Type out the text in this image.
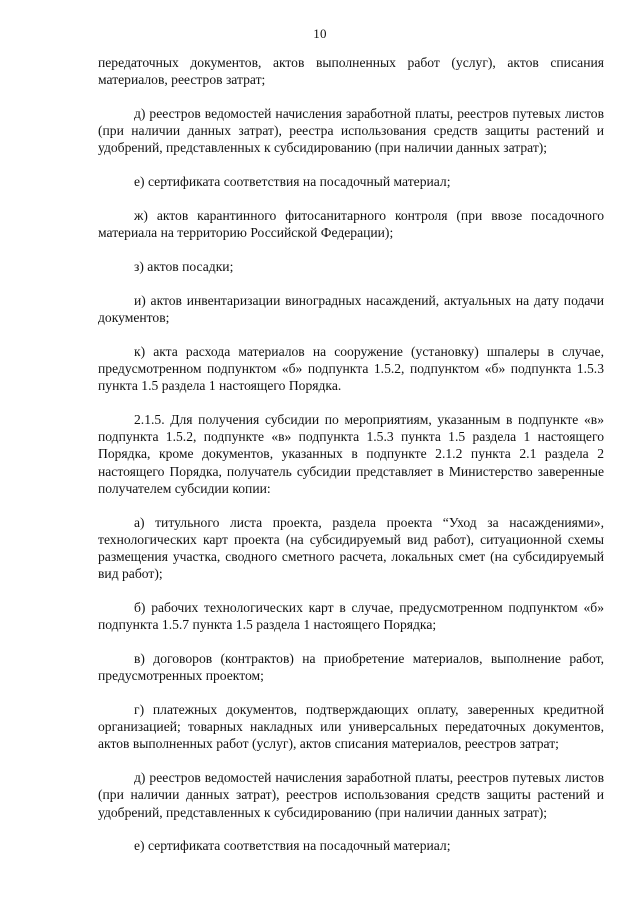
10

передаточных документов, актов выполненных работ (услуг), актов списания материалов, реестров затрат;

д) реестров ведомостей начисления заработной платы, реестров путевых листов (при наличии данных затрат), реестра использования средств защиты растений и удобрений, представленных к субсидированию (при наличии данных затрат);

е) сертификата соответствия на посадочный материал;

ж) актов карантинного фитосанитарного контроля (при ввозе посадочного материала на территорию Российской Федерации);

з) актов посадки;

и) актов инвентаризации виноградных насаждений, актуальных на дату подачи документов;

к) акта расхода материалов на сооружение (установку) шпалеры в случае, предусмотренном подпунктом «б» подпункта 1.5.2, подпунктом «б» подпункта 1.5.3 пункта 1.5 раздела 1 настоящего Порядка.

2.1.5. Для получения субсидии по мероприятиям, указанным в подпункте «в» подпункта 1.5.2, подпункте «в» подпункта 1.5.3 пункта 1.5 раздела 1 настоящего Порядка, кроме документов, указанных в подпункте 2.1.2 пункта 2.1 раздела 2 настоящего Порядка, получатель субсидии представляет в Министерство заверенные получателем субсидии копии:

а) титульного листа проекта, раздела проекта “Уход за насаждениями», технологических карт проекта (на субсидируемый вид работ), ситуационной схемы размещения участка, сводного сметного расчета, локальных смет (на субсидируемый вид работ);

б) рабочих технологических карт в случае, предусмотренном подпунктом «б» подпункта 1.5.7 пункта 1.5 раздела 1 настоящего Порядка;

в) договоров (контрактов) на приобретение материалов, выполнение работ, предусмотренных проектом;

г) платежных документов, подтверждающих оплату, заверенных кредитной организацией; товарных накладных или универсальных передаточных документов, актов выполненных работ (услуг), актов списания материалов, реестров затрат;

д) реестров ведомостей начисления заработной платы, реестров путевых листов (при наличии данных затрат), реестров использования средств защиты растений и удобрений, представленных к субсидированию (при наличии данных затрат);

е) сертификата соответствия на посадочный материал;
